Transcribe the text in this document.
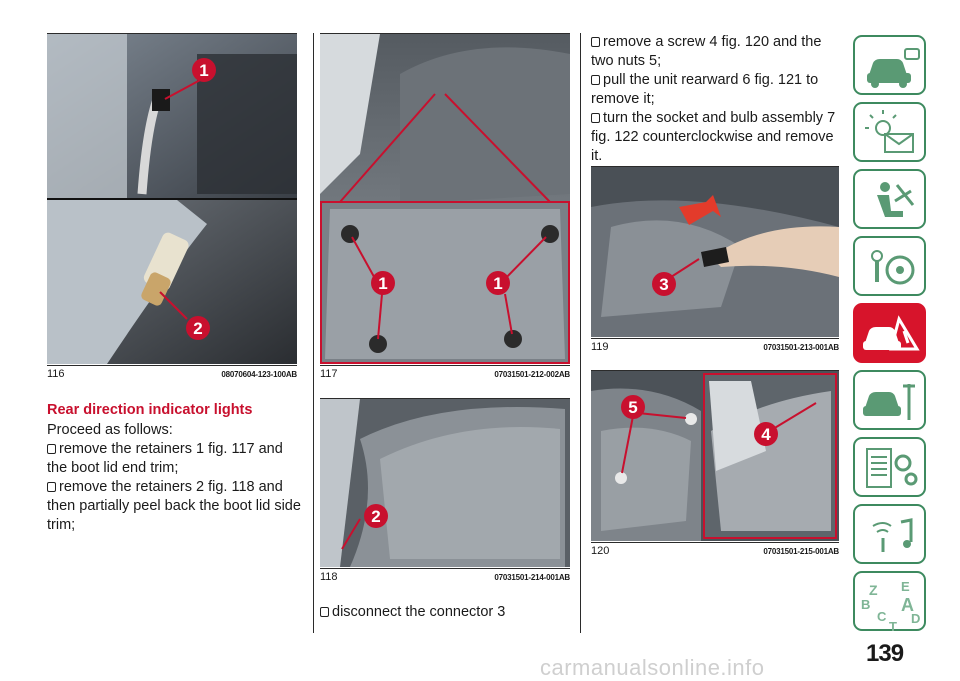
1
2
116	08070604-123-100AB
Rear direction indicator lights
Proceed as follows:
remove the retainers 1 fig. 117 and
the boot lid end trim;
remove the retainers 2 fig. 118 and
then partially peel back the boot lid side
trim;
1	1
117	07031501-212-002AB
2
118	07031501-214-001AB
disconnect the connector 3
remove a screw 4 fig. 120 and the
two nuts 5;
pull the unit rearward 6 fig. 121 to
remove it;
turn the socket and bulb assembly 7
fig. 122 counterclockwise and remove
it.
3
119	07031501-213-001AB
5
4
120	07031501-215-001AB
Z E
B A
C D
T
139
carmanualsonline.info
